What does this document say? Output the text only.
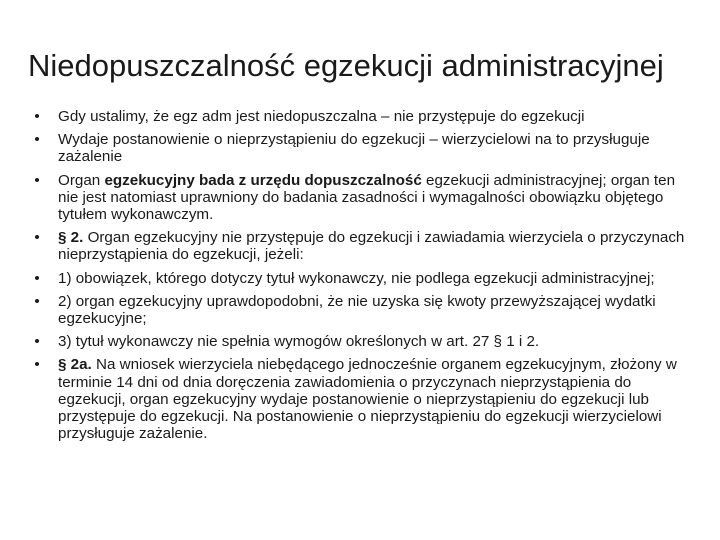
Niedopuszczalność egzekucji administracyjnej
• Gdy ustalimy, że egz adm jest niedopuszczalna – nie przystępuje do egzekucji
• Wydaje postanowienie o nieprzystąpieniu do egzekucji – wierzycielowi na to przysługuje zażalenie
• Organ egzekucyjny bada z urzędu dopuszczalność egzekucji administracyjnej; organ ten nie jest natomiast uprawniony do badania zasadności i wymagalności obowiązku objętego tytułem wykonawczym.
• § 2. Organ egzekucyjny nie przystępuje do egzekucji i zawiadamia wierzyciela o przyczynach nieprzystąpienia do egzekucji, jeżeli:
• 1) obowiązek, którego dotyczy tytuł wykonawczy, nie podlega egzekucji administracyjnej;
• 2) organ egzekucyjny uprawdopodobni, że nie uzyska się kwoty przewyższającej wydatki egzekucyjne;
• 3) tytuł wykonawczy nie spełnia wymogów określonych w art. 27 § 1 i 2.
• § 2a. Na wniosek wierzyciela niebędącego jednocześnie organem egzekucyjnym, złożony w terminie 14 dni od dnia doręczenia zawiadomienia o przyczynach nieprzystąpienia do egzekucji, organ egzekucyjny wydaje postanowienie o nieprzystąpieniu do egzekucji lub przystępuje do egzekucji. Na postanowienie o nieprzystąpieniu do egzekucji wierzycielowi przysługuje zażalenie.
